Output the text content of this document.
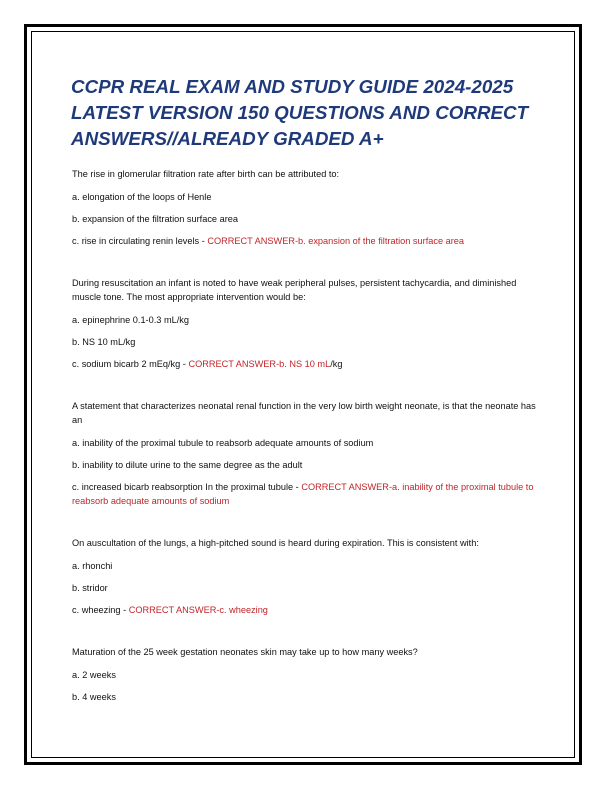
CCPR REAL EXAM AND STUDY GUIDE 2024-2025 LATEST VERSION 150 QUESTIONS AND CORRECT ANSWERS//ALREADY GRADED A+

The rise in glomerular filtration rate after birth can be attributed to:

a. elongation of the loops of Henle

b. expansion of the filtration surface area

c. rise in circulating renin levels - CORRECT ANSWER-b. expansion of the filtration surface area

During resuscitation an infant is noted to have weak peripheral pulses, persistent tachycardia, and diminished muscle tone. The most appropriate intervention would be:

a. epinephrine 0.1-0.3 mL/kg

b. NS 10 mL/kg

c. sodium bicarb 2 mEq/kg - CORRECT ANSWER-b. NS 10 mL/kg

A statement that characterizes neonatal renal function in the very low birth weight neonate, is that the neonate has an

a. inability of the proximal tubule to reabsorb adequate amounts of sodium

b. inability to dilute urine to the same degree as the adult

c. increased bicarb reabsorption In the proximal tubule - CORRECT ANSWER-a. inability of the proximal tubule to reabsorb adequate amounts of sodium

On auscultation of the lungs, a high-pitched sound is heard during expiration. This is consistent with:

a. rhonchi

b. stridor

c. wheezing - CORRECT ANSWER-c. wheezing

Maturation of the 25 week gestation neonates skin may take up to how many weeks?

a. 2 weeks

b. 4 weeks
